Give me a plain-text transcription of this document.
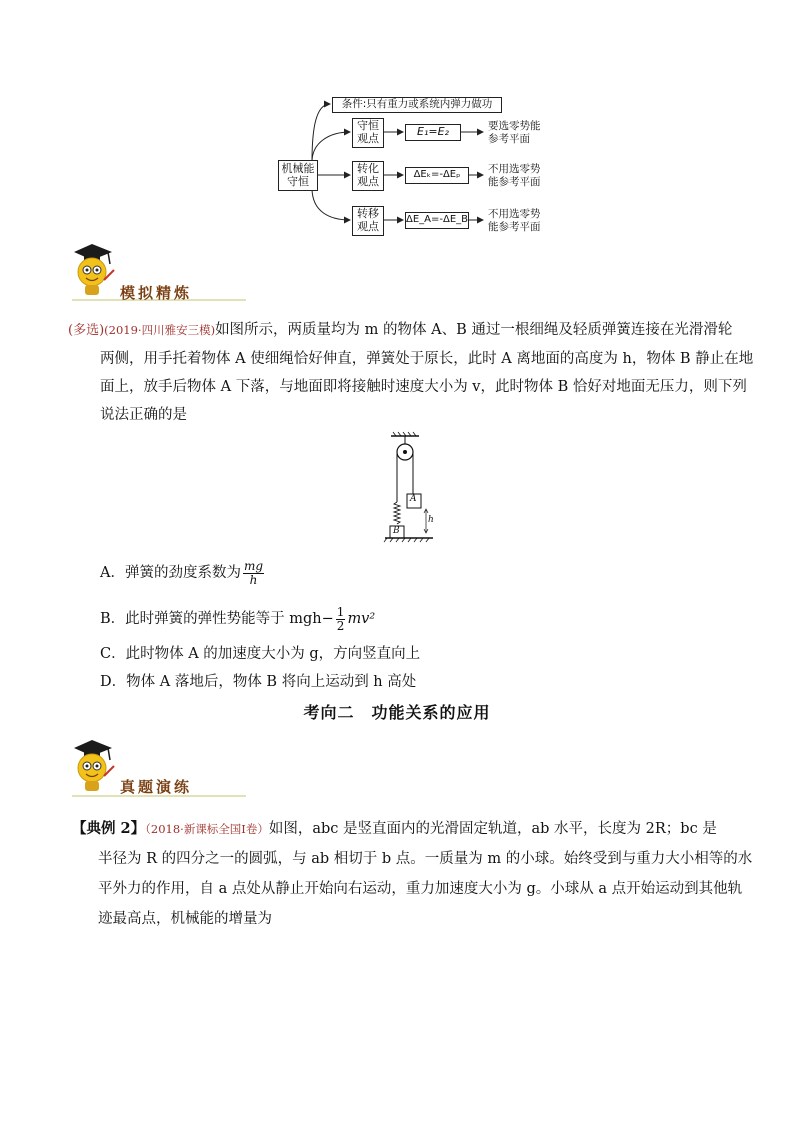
机械能守恒
条件:只有重力或系统内弹力做功
守恒观点
E₁=E₂	要选零势能参考平面
转化观点
ΔEₖ=-ΔEₚ	不用选零势能参考平面
转移观点
ΔE_A=-ΔE_B 不用选零势能参考平面
模拟精炼
(多选)(2019·四川雅安三模)如图所示，两质量均为 m 的物体 A、B 通过一根细绳及轻质弹簧连接在光滑滑轮
两侧，用手托着物体 A 使细绳恰好伸直，弹簧处于原长，此时 A 离地面的高度为 h，物体 B 静止在地
面上，放手后物体 A 下落，与地面即将接触时速度大小为 v，此时物体 B 恰好对地面无压力，则下列
说法正确的是
A
B
h
A．弹簧的劲度系数为 $\frac{mg}{h}$
B．此时弹簧的弹性势能等于 $mgh- \frac{1}{2} mv^2$
C．此时物体 A 的加速度大小为 g，方向竖直向上
D．物体 A 落地后，物体 B 将向上运动到 h 高处
考向二　功能关系的应用
真题演练
【典例 2】（2018·新课标全国Ⅰ卷）如图，abc 是竖直面内的光滑固定轨道，ab 水平，长度为 2R；bc 是
半径为 R 的四分之一的圆弧，与 ab 相切于 b 点。一质量为 m 的小球。始终受到与重力大小相等的水
平外力的作用，自 a 点处从静止开始向右运动，重力加速度大小为 g。小球从 a 点开始运动到其他轨
迹最高点，机械能的增量为
